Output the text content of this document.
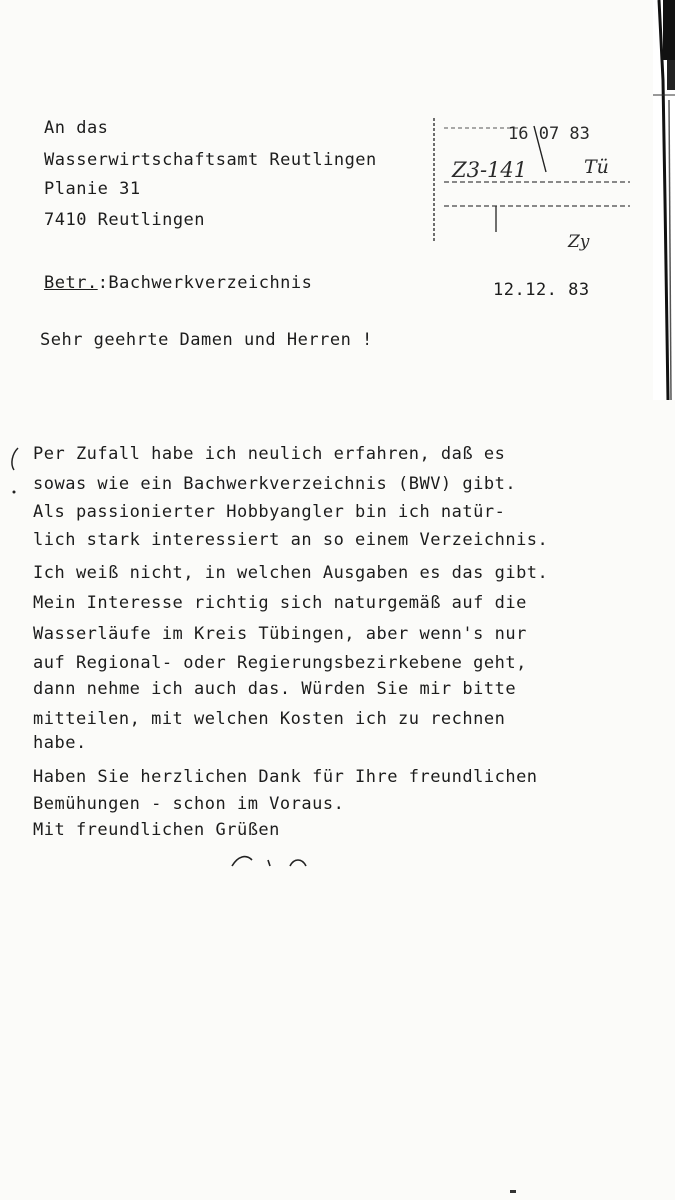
An das
Wasserwirtschaftsamt Reutlingen
Planie 31
7410 Reutlingen
16 07 83
Z3-141	Tü
Zy
Betr.:Bachwerkverzeichnis	12.12. 83
Sehr geehrte Damen und Herren !
Per Zufall habe ich neulich erfahren, daß es
sowas wie ein Bachwerkverzeichnis (BWV) gibt.
Als passionierter Hobbyangler bin ich natür-
lich stark interessiert an so einem Verzeichnis.
Ich weiß nicht, in welchen Ausgaben es das gibt.
Mein Interesse richtig sich naturgemäß auf die
Wasserläufe im Kreis Tübingen, aber wenn's nur
auf Regional- oder Regierungsbezirkebene geht,
dann nehme ich auch das. Würden Sie mir bitte
mitteilen, mit welchen Kosten ich zu rechnen
habe.
Haben Sie herzlichen Dank für Ihre freundlichen
Bemühungen - schon im Voraus.
Mit freundlichen Grüßen
